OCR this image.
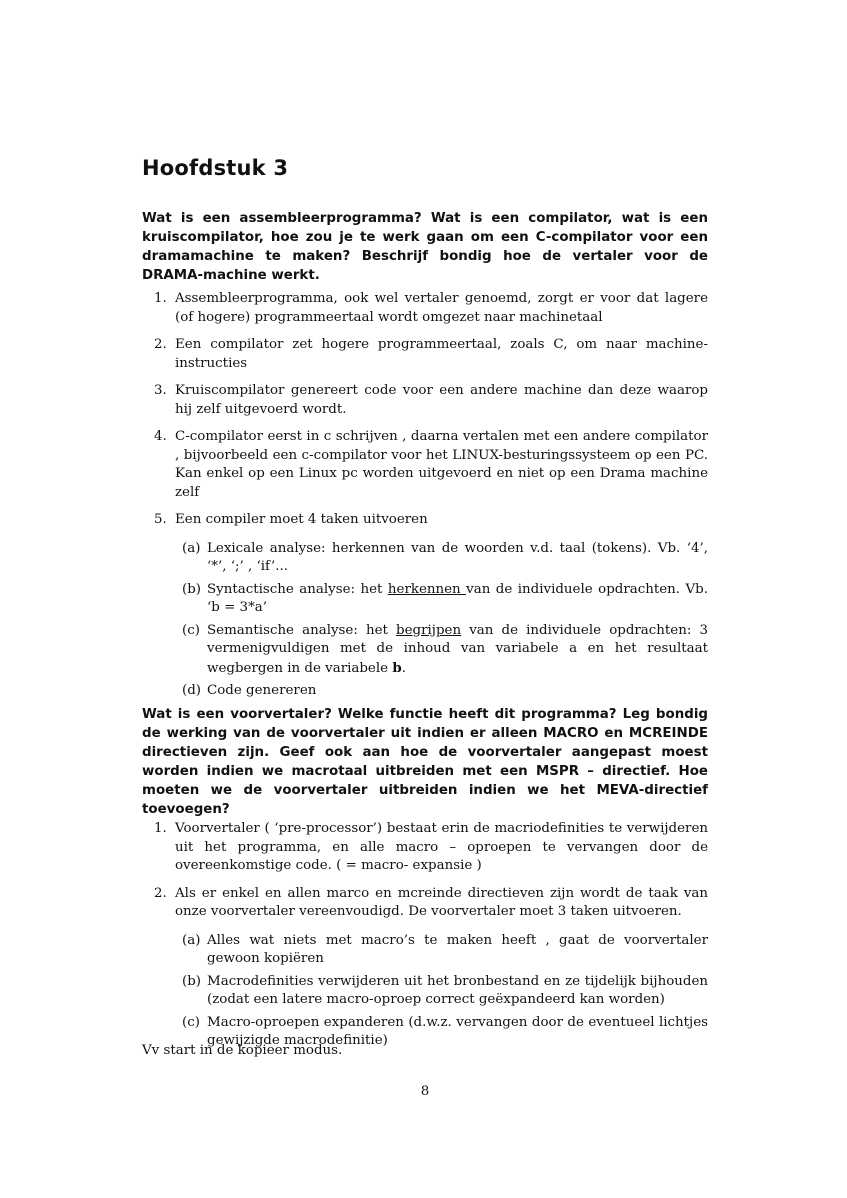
Hoofdstuk 3

Wat is een assembleerprogramma? Wat is een compilator, wat is een kruiscompilator, hoe zou je te werk gaan om een C-compilator voor een dramamachine te maken? Beschrijf bondig hoe de vertaler voor de DRAMA-machine werkt.

1. Assembleerprogramma, ook wel vertaler genoemd, zorgt er voor dat lagere (of hogere) programmeertaal wordt omgezet naar machinetaal
2. Een compilator zet hogere programmeertaal, zoals C, om naar machine-instructies
3. Kruiscompilator genereert code voor een andere machine dan deze waarop hij zelf uitgevoerd wordt.
4. C-compilator eerst in c schrijven , daarna vertalen met een andere compilator , bijvoorbeeld een c-compilator voor het LINUX-besturingssysteem op een PC. Kan enkel op een Linux pc worden uitgevoerd en niet op een Drama machine zelf
5. Een compiler moet 4 taken uitvoeren
(a) Lexicale analyse: herkennen van de woorden v.d. taal (tokens). Vb. ‘4’, ‘*’, ‘;’ , ‘if’...
(b) Syntactische analyse: het herkennen van de individuele opdrachten. Vb. ‘b = 3*a’
(c) Semantische analyse: het begrijpen van de individuele opdrachten: 3 vermenigvuldigen met de inhoud van variabele a en het resultaat wegbergen in de variabele b.
(d) Code genereren

Wat is een voorvertaler? Welke functie heeft dit programma? Leg bondig de werking van de voorvertaler uit indien er alleen MACRO en MCREINDE directieven zijn. Geef ook aan hoe de voorvertaler aangepast moest worden indien we macrotaal uitbreiden met een MSPR – directief. Hoe moeten we de voorvertaler uitbreiden indien we het MEVA-directief toevoegen?

1. Voorvertaler ( ‘pre-processor’) bestaat erin de macriodefinities te verwijderen uit het programma, en alle macro – oproepen te vervangen door de overeenkomstige code. ( = macro- expansie )
2. Als er enkel en allen marco en mcreinde directieven zijn wordt de taak van onze voorvertaler vereenvoudigd. De voorvertaler moet 3 taken uitvoeren.
(a) Alles wat niets met macro’s te maken heeft , gaat de voorvertaler gewoon kopiëren
(b) Macrodefinities verwijderen uit het bronbestand en ze tijdelijk bijhouden (zodat een latere macro-oproep correct geëxpandeerd kan worden)
(c) Macro-oproepen expanderen (d.w.z. vervangen door de eventueel lichtjes gewijzigde macrodefinitie)

Vv start in de kopieer modus.

8
